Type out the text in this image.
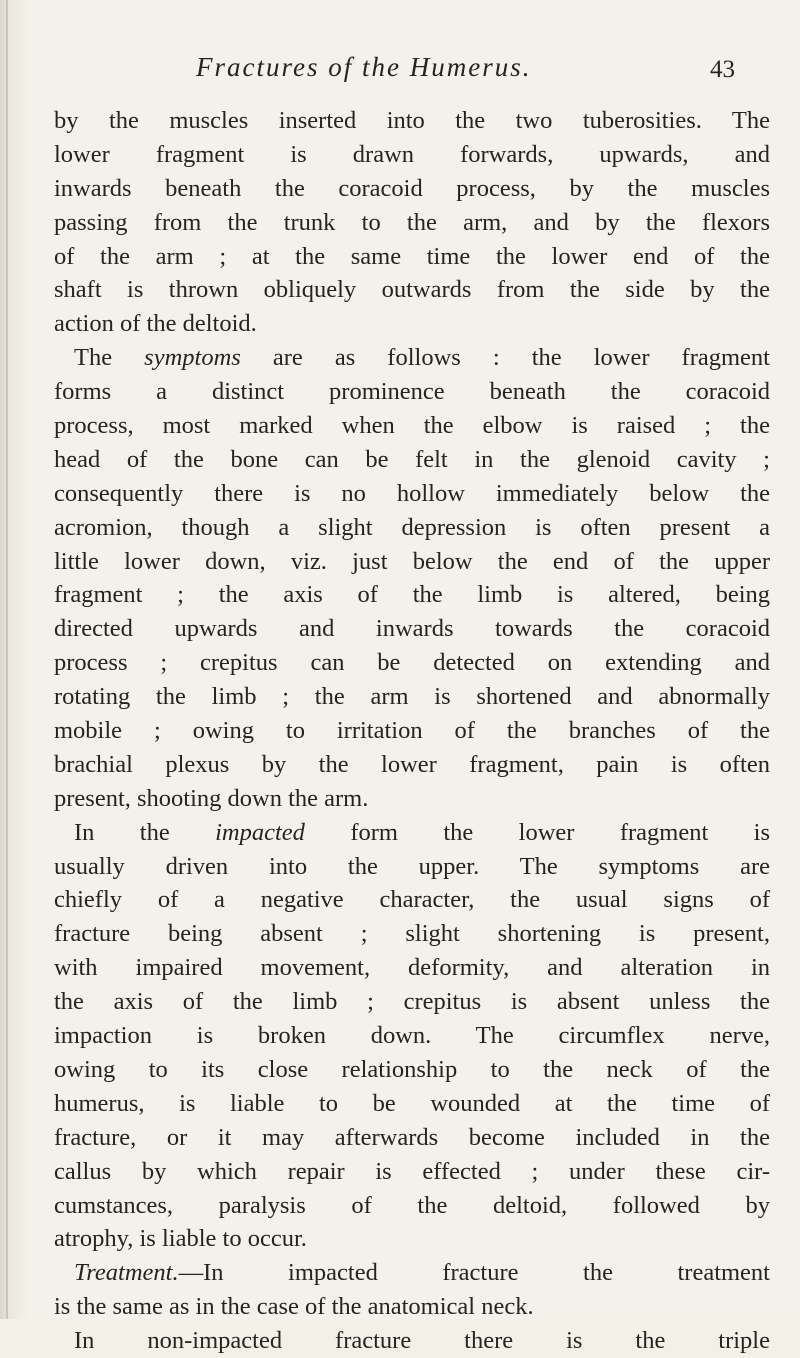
Fractures of the Humerus.	43
by the muscles inserted into the two tuberosities. The
lower fragment is drawn forwards, upwards, and
inwards beneath the coracoid process, by the muscles
passing from the trunk to the arm, and by the flexors
of the arm ; at the same time the lower end of the
shaft is thrown obliquely outwards from the side by the
action of the deltoid.
The symptoms are as follows : the lower fragment
forms a distinct prominence beneath the coracoid
process, most marked when the elbow is raised ; the
head of the bone can be felt in the glenoid cavity ;
consequently there is no hollow immediately below the
acromion, though a slight depression is often present a
little lower down, viz. just below the end of the upper
fragment ; the axis of the limb is altered, being
directed upwards and inwards towards the coracoid
process ; crepitus can be detected on extending and
rotating the limb ; the arm is shortened and abnormally
mobile ; owing to irritation of the branches of the
brachial plexus by the lower fragment, pain is often
present, shooting down the arm.
In the impacted form the lower fragment is
usually driven into the upper. The symptoms are
chiefly of a negative character, the usual signs of
fracture being absent ; slight shortening is present,
with impaired movement, deformity, and alteration in
the axis of the limb ; crepitus is absent unless the
impaction is broken down. The circumflex nerve,
owing to its close relationship to the neck of the
humerus, is liable to be wounded at the time of
fracture, or it may afterwards become included in the
callus by which repair is effected ; under these cir-
cumstances, paralysis of the deltoid, followed by
atrophy, is liable to occur.
Treatment.—In impacted fracture the treatment
is the same as in the case of the anatomical neck.
In non-impacted fracture there is the triple
